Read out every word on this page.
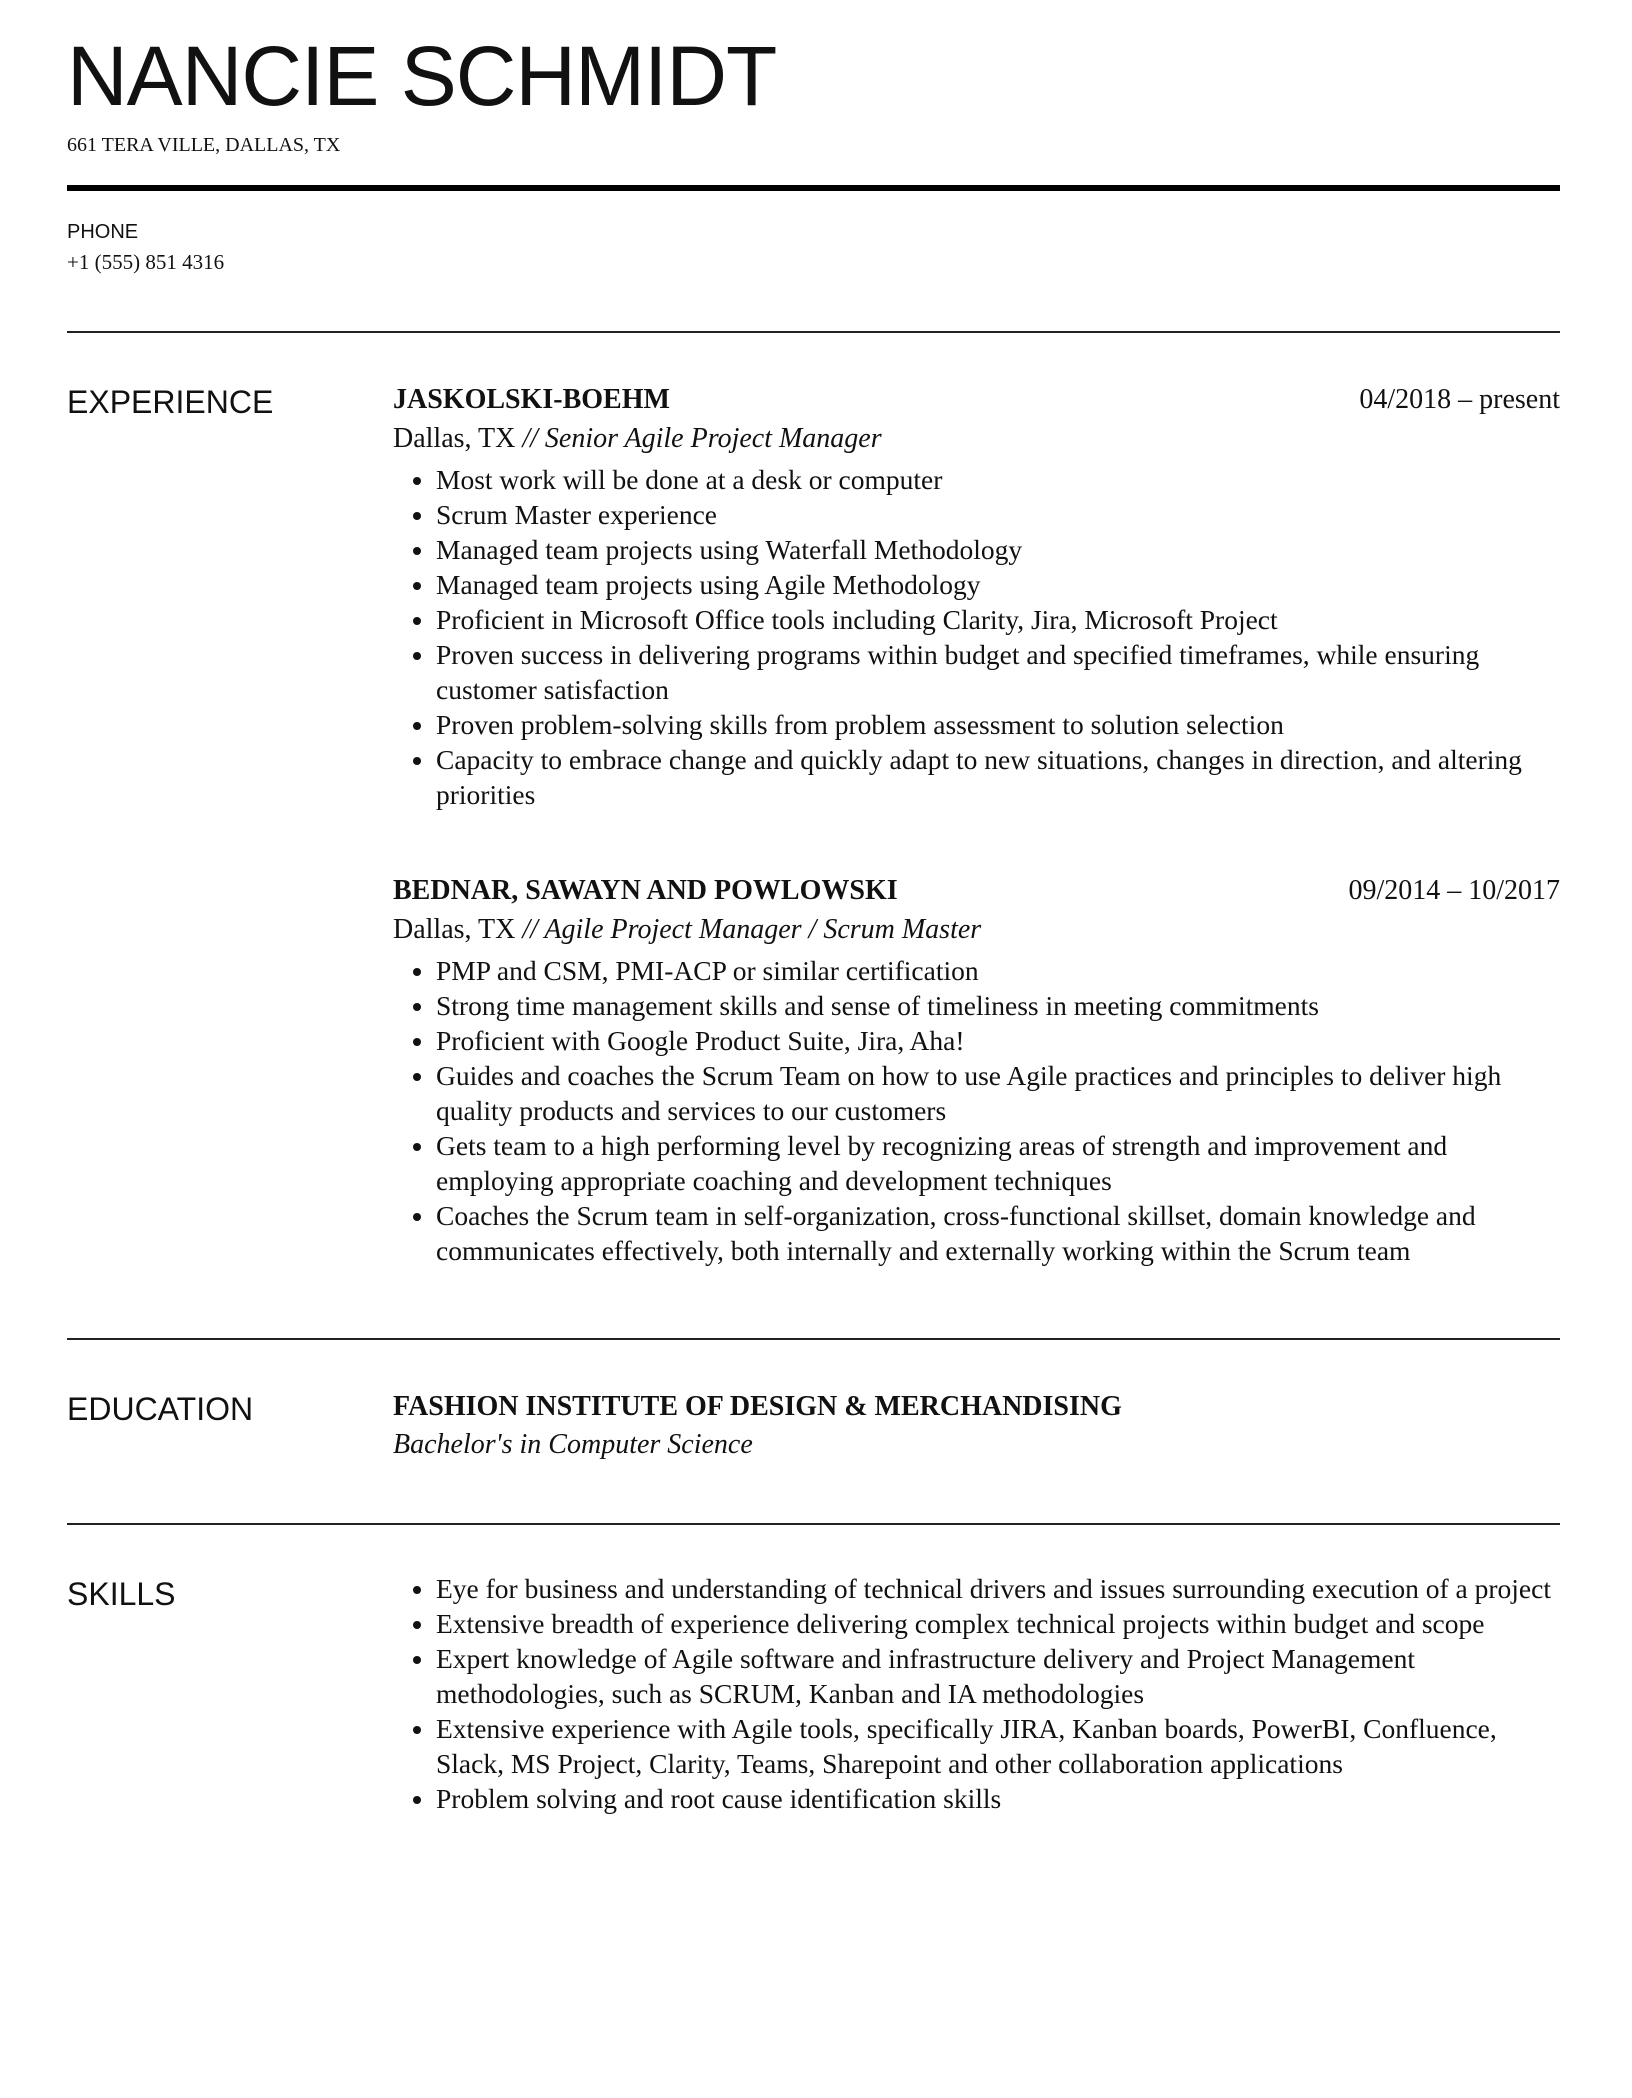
NANCIE SCHMIDT
661 TERA VILLE, DALLAS, TX
PHONE
+1 (555) 851 4316
EXPERIENCE	JASKOLSKI-BOEHM	04/2018 – present
Dallas, TX // Senior Agile Project Manager
• Most work will be done at a desk or computer
• Scrum Master experience
• Managed team projects using Waterfall Methodology
• Managed team projects using Agile Methodology
• Proficient in Microsoft Office tools including Clarity, Jira, Microsoft Project
• Proven success in delivering programs within budget and specified timeframes, while ensuring customer satisfaction
• Proven problem-solving skills from problem assessment to solution selection
• Capacity to embrace change and quickly adapt to new situations, changes in direction, and altering priorities
BEDNAR, SAWAYN AND POWLOWSKI	09/2014 – 10/2017
Dallas, TX // Agile Project Manager / Scrum Master
• PMP and CSM, PMI-ACP or similar certification
• Strong time management skills and sense of timeliness in meeting commitments
• Proficient with Google Product Suite, Jira, Aha!
• Guides and coaches the Scrum Team on how to use Agile practices and principles to deliver high quality products and services to our customers
• Gets team to a high performing level by recognizing areas of strength and improvement and employing appropriate coaching and development techniques
• Coaches the Scrum team in self-organization, cross-functional skillset, domain knowledge and communicates effectively, both internally and externally working within the Scrum team
EDUCATION	FASHION INSTITUTE OF DESIGN & MERCHANDISING
Bachelor's in Computer Science
SKILLS	• Eye for business and understanding of technical drivers and issues surrounding execution of a project
• Extensive breadth of experience delivering complex technical projects within budget and scope
• Expert knowledge of Agile software and infrastructure delivery and Project Management methodologies, such as SCRUM, Kanban and IA methodologies
• Extensive experience with Agile tools, specifically JIRA, Kanban boards, PowerBI, Confluence, Slack, MS Project, Clarity, Teams, Sharepoint and other collaboration applications
• Problem solving and root cause identification skills
